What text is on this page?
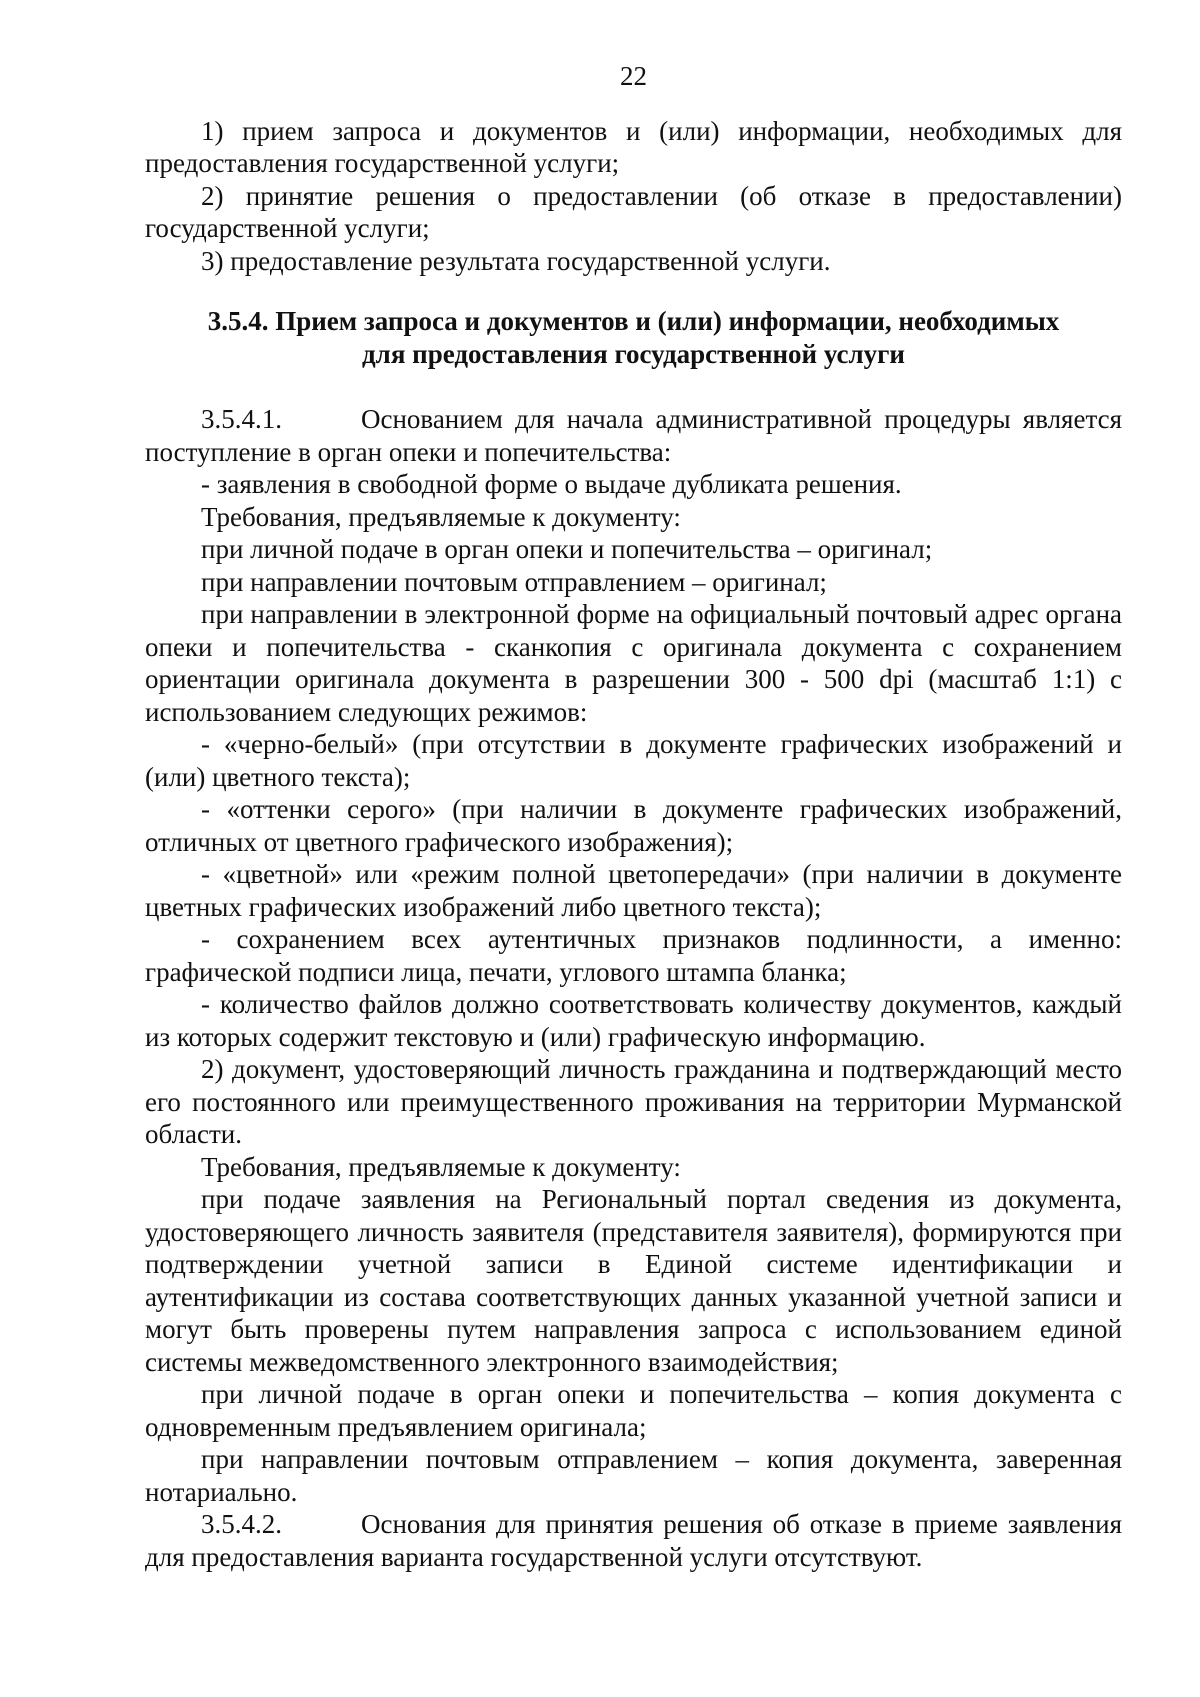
22

1) прием запроса и документов и (или) информации, необходимых для предоставления государственной услуги;

2) принятие решения о предоставлении (об отказе в предоставлении) государственной услуги;

3) предоставление результата государственной услуги.

3.5.4. Прием запроса и документов и (или) информации, необходимых
для предоставления государственной услуги

3.5.4.1.	Основанием для начала административной процедуры является поступление в орган опеки и попечительства:

- заявления в свободной форме о выдаче дубликата решения.

Требования, предъявляемые к документу:

при личной подаче в орган опеки и попечительства – оригинал;

при направлении почтовым отправлением – оригинал;

при направлении в электронной форме на официальный почтовый адрес органа опеки и попечительства - сканкопия с оригинала документа с сохранением ориентации оригинала документа в разрешении 300 - 500 dpi (масштаб 1:1) с использованием следующих режимов:

- «черно-белый» (при отсутствии в документе графических изображений и (или) цветного текста);

- «оттенки серого» (при наличии в документе графических изображений, отличных от цветного графического изображения);

- «цветной» или «режим полной цветопередачи» (при наличии в документе цветных графических изображений либо цветного текста);

- сохранением всех аутентичных признаков подлинности, а именно: графической подписи лица, печати, углового штампа бланка;

- количество файлов должно соответствовать количеству документов, каждый из которых содержит текстовую и (или) графическую информацию.

2) документ, удостоверяющий личность гражданина и подтверждающий место его постоянного или преимущественного проживания на территории Мурманской области.

Требования, предъявляемые к документу:

при подаче заявления на Региональный портал сведения из документа, удостоверяющего личность заявителя (представителя заявителя), формируются при подтверждении учетной записи в Единой системе идентификации и аутентификации из состава соответствующих данных указанной учетной записи и могут быть проверены путем направления запроса с использованием единой системы межведомственного электронного взаимодействия;

при личной подаче в орган опеки и попечительства – копия документа с одновременным предъявлением оригинала;

при направлении почтовым отправлением – копия документа, заверенная нотариально.

3.5.4.2.	Основания для принятия решения об отказе в приеме заявления для предоставления варианта государственной услуги отсутствуют.
